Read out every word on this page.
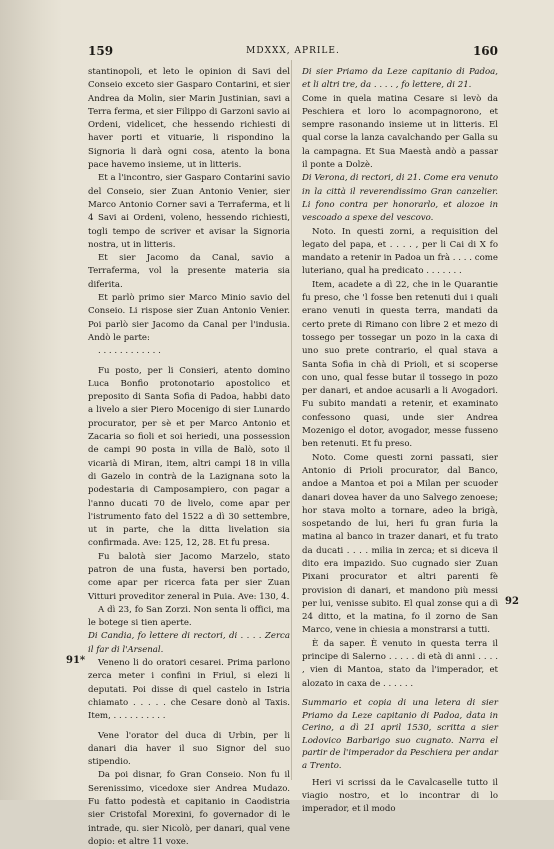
159	MDXXX, APRILE.	160

stantinopoli, et leto le opinion di Savi del Conseio exceto sier Gasparo Contarini, et sier Andrea da Molin, sier Marin Justinian, savi a Terra ferma, et sier Filippo di Garzoni savio ai Ordeni, videlicet, che hessendo richiesti di haver porti et vituarie, li rispondino la Signoria li darà ogni cosa, atento la bona pace havemo insieme, ut in litteris.

Et a l'incontro, sier Gasparo Contarini savio del Conseio, sier Zuan Antonio Venier, sier Marco Antonio Corner savi a Terraferma, et li 4 Savi ai Ordeni, voleno, hessendo richiesti, togli tempo de scriver et avisar la Signoria nostra, ut in litteris.

Et sier Jacomo da Canal, savio a Terraferma, vol la presente materia sia diferita.

Et parlò primo sier Marco Minio savio del Conseio. Li rispose sier Zuan Antonio Venier. Poi parlò sier Jacomo da Canal per l'indusia. Andò le parte:

. . . . . . . . . . . .

Fu posto, per li Consieri, atento domino Luca Bonfio protonotario apostolico et preposito di Santa Sofia di Padoa, habbi dato a livelo a sier Piero Mocenigo di sier Lunardo procurator, per sè et per Marco Antonio et Zacaria so fioli et soi heriedi, una possession de campi 90 posta in villa de Balò, soto il vicarià di Miran, item, altri campi 18 in villa di Gazelo in contrà de la Lazignana soto la podestaria di Camposampiero, con pagar a l'anno ducati 70 de livelo, come apar per l'istrumento fato del 1522 a dì 30 settembre, ut in parte, che la ditta livelation sia confirmada. Ave: 125, 12, 28. Et fu presa.

Fu balotà sier Jacomo Marzelo, stato patron de una fusta, haversi ben portado, come apar per ricerca fata per sier Zuan Vitturi proveditor zeneral in Puia. Ave: 130, 4.

A dì 23, fo San Zorzi. Non senta li offici, ma le botege si tien aperte.

Di Candia, fo lettere di rectori, di . . . . Zerca il far di l'Arsenal.

Veneno li do oratori cesarei. Prima parlono zerca meter i confini in Friul, si elezi li deputati. Poi disse di quel castelo in Istria chiamato . . . . . che Cesare donò al Taxis. Item, . . . . . . . . . .

Vene l'orator del duca di Urbin, per li danari dia haver il suo Signor del suo stipendio.

Da poi disnar, fo Gran Conseio. Non fu il Serenissimo, vicedoxe sier Andrea Mudazo. Fu fatto podestà et capitanio in Caodistria sier Cristofal Morexini, fo governador di le intrade, qu. sier Nicolò, per danari, qual vene dopio: et altre 11 voxe.

Di sier Priamo da Leze capitanio di Padoa, et li altri tre, da . . . . , fo lettere, di 21.

Come in quela matina Cesare si levò da Peschiera et loro lo acompagnorono, et sempre rasonando insieme ut in litteris. El qual corse la lanza cavalchando per Galla su la campagna. Et Sua Maestà andò a passar il ponte a Dolzè.

Di Verona, di rectori, di 21. Come era venuto in la città il reverendissimo Gran canzelier. Li fono contra per honorarlo, et alozoe in vescoado a spexe del vescovo.

Noto. In questi zorni, a requisition del legato del papa, et . . . . , per li Cai di X fo mandato a retenir in Padoa un frà . . . . come luteriano, qual ha predicato . . . . . . .

Item, acadete a dì 22, che in le Quarantie fu preso, che 'l fosse ben retenuti dui i quali erano venuti in questa terra, mandati da certo prete di Rimano con libre 2 et mezo di tossego per tossegar un pozo in la caxa di uno suo prete contrario, el qual stava a Santa Sofia in chà di Prioli, et si scoperse con uno, qual fesse butar il tossego in pozo per danari, et andoe acusarli a li Avogadori. Fu subito mandati a retenir, et examinato confessono quasi, unde sier Andrea Mozenigo el dotor, avogador, messe fusseno ben retenuti. Et fu preso.

Noto. Come questi zorni passati, sier Antonio di Prioli procurator, dal Banco, andoe a Mantoa et poi a Milan per scuoder danari dovea haver da uno Salvego zenoese; hor stava molto a tornare, adeo la brigà, sospetando de lui, heri fu gran furia la matina al banco in trazer danari, et fu trato da ducati . . . . milia in zerca; et si diceva il dito era impazido. Suo cugnado sier Zuan Pixani procurator et altri parenti fè provision di danari, et mandono più messi per lui, venisse subito. El qual zonse qui a dì 24 ditto, et la matina, fo il zorno de San Marco, vene in chiesia a monstrarsi a tutti.

È da saper. È venuto in questa terra il principe di Salerno . . . . . di età di anni . . . . , vien di Mantoa, stato da l'imperador, et alozato in caxa de . . . . . .

Summario et copia di una letera di sier Priamo da Leze capitanio di Padoa, data in Cerino, a dì 21 april 1530, scritta a sier Lodovico Barbarigo suo cugnato. Narra el partir de l'imperador da Peschiera per andar a Trento.

Heri vi scrissi da le Cavalcaselle tutto il viagio nostro, et lo incontrar di lo imperador, et il modo

91*
92
